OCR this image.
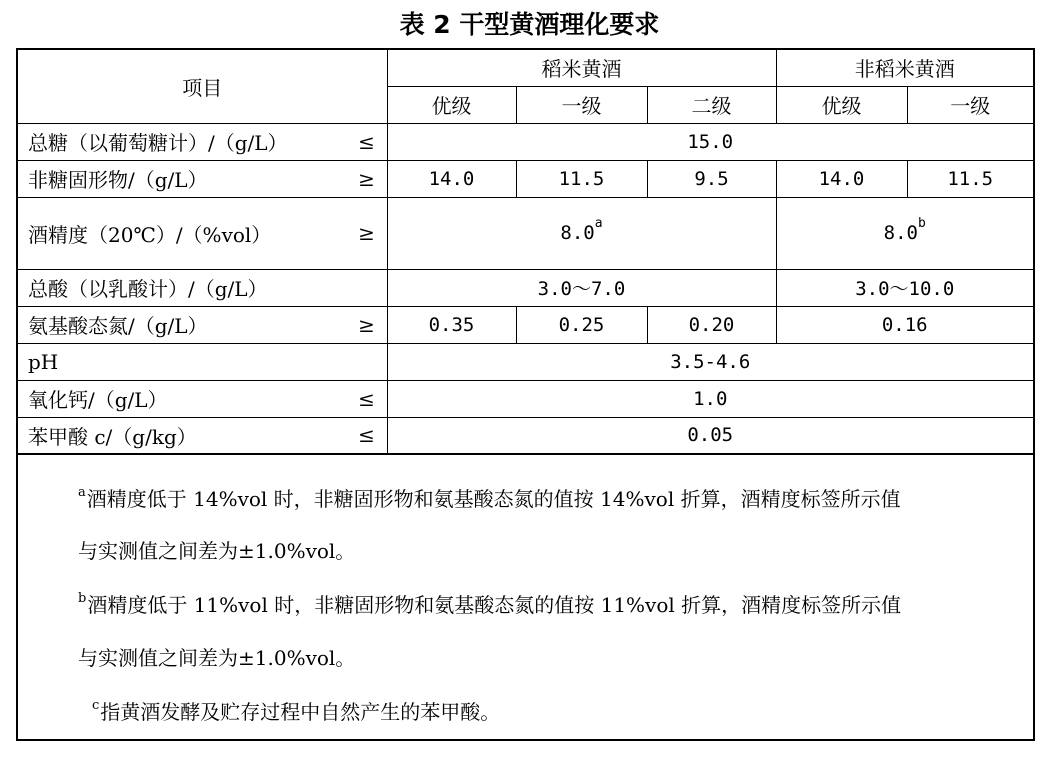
表 2 干型黄酒理化要求
项目	稻米黄酒			非稻米黄酒	
	优级	一级	二级	优级	一级

总糖（以葡萄糖计）/（g/L） ≤	15.0				

非糖固形物/（g/L） ≥	14.0	11.5	9.5	14.0	11.5

酒精度（20℃）/（%vol） ≥	8.0$^a$			8.0$^b$

总酸（以乳酸计）/（g/L）	3.0～7.0			3.0～10.0	

氨基酸态氮/（g/L） ≥	0.35	0.25	0.20	0.16	

pH	3.5-4.6				

氧化钙/（g/L） ≤	1.0				

苯甲酸 c/（g/kg） ≤	0.05				
$^a$酒精度低于 14%vol 时，非糖固形物和氨基酸态氮的值按 14%vol 折算，酒精度标签所示值
与实测值之间差为±1.0%vol。
$^b$酒精度低于 11%vol 时，非糖固形物和氨基酸态氮的值按 11%vol 折算，酒精度标签所示值
与实测值之间差为±1.0%vol。
$^c$指黄酒发酵及贮存过程中自然产生的苯甲酸。
